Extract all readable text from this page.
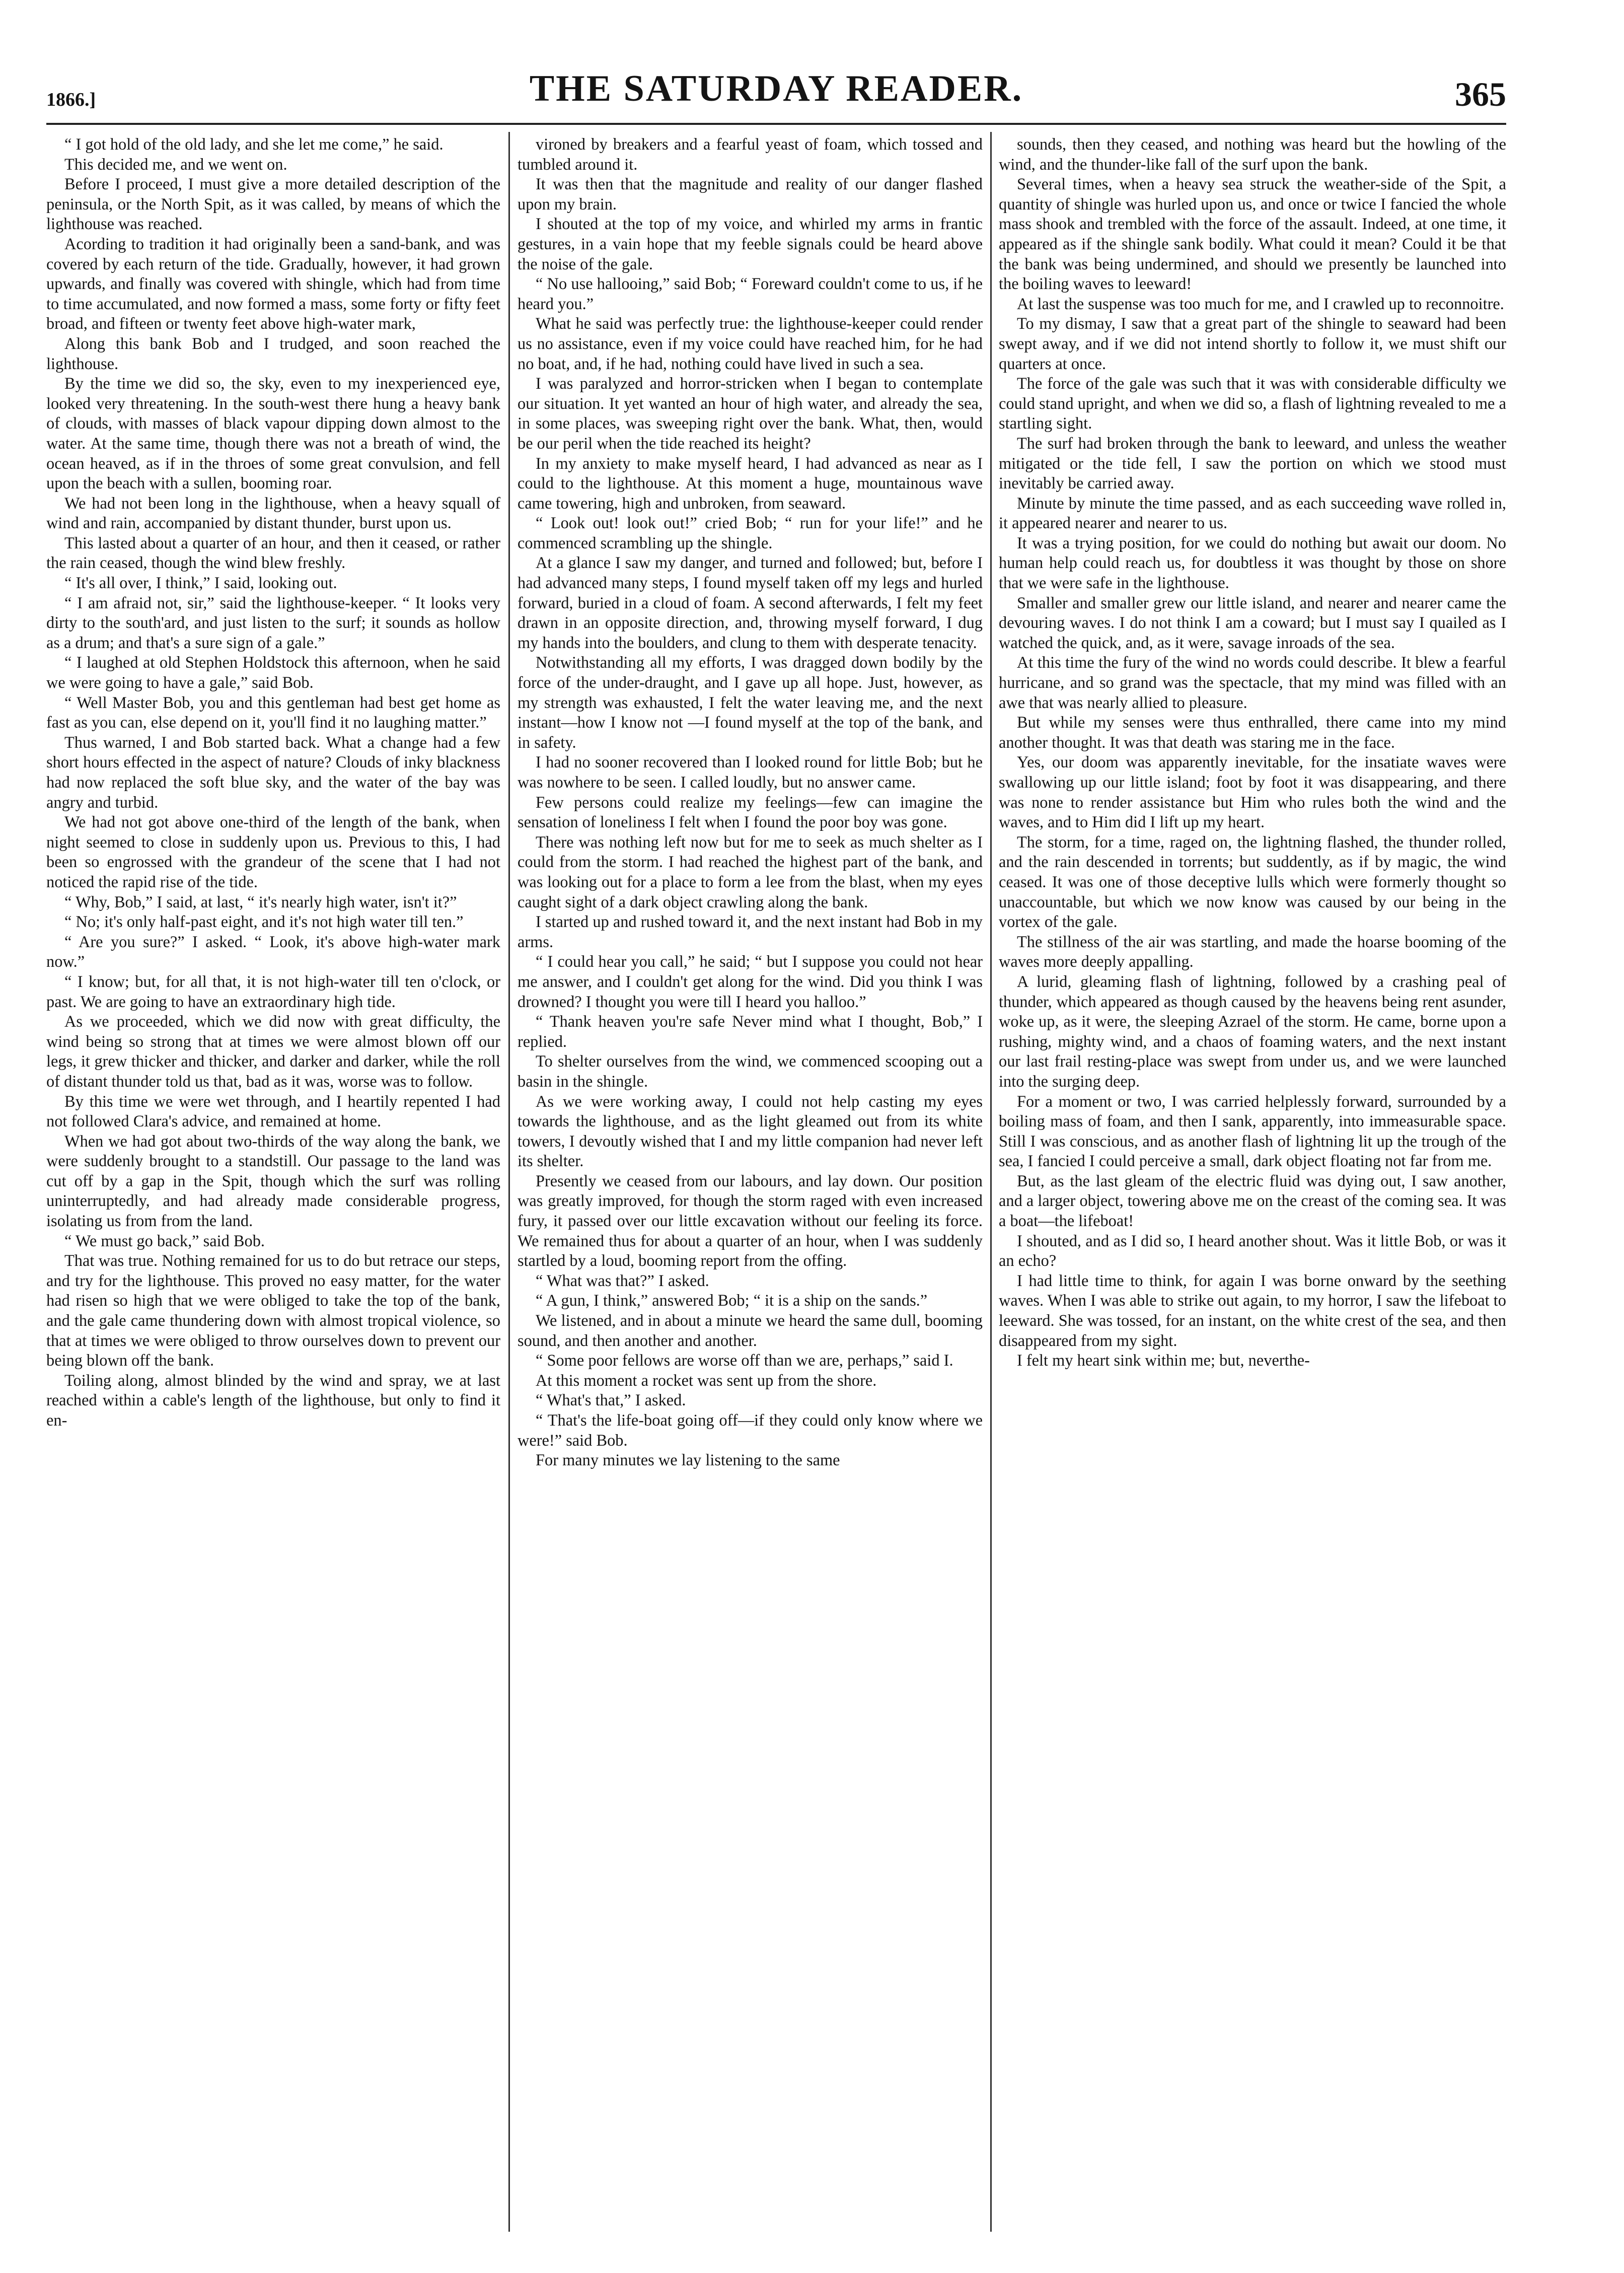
1866.]	THE SATURDAY READER.	365

“ I got hold of the old lady, and she let me come,” he said.

This decided me, and we went on.

Before I proceed, I must give a more detailed description of the peninsula, or the North Spit, as it was called, by means of which the lighthouse was reached.

Acording to tradition it had originally been a sand-bank, and was covered by each return of the tide. Gradually, however, it had grown upwards, and finally was covered with shingle, which had from time to time accumulated, and now formed a mass, some forty or fifty feet broad, and fifteen or twenty feet above high-water mark,

Along this bank Bob and I trudged, and soon reached the lighthouse.

By the time we did so, the sky, even to my inexperienced eye, looked very threatening. In the south-west there hung a heavy bank of clouds, with masses of black vapour dipping down almost to the water. At the same time, though there was not a breath of wind, the ocean heaved, as if in the throes of some great convulsion, and fell upon the beach with a sullen, booming roar.

We had not been long in the lighthouse, when a heavy squall of wind and rain, accompanied by distant thunder, burst upon us.

This lasted about a quarter of an hour, and then it ceased, or rather the rain ceased, though the wind blew freshly.

“ It's all over, I think,” I said, looking out.

“ I am afraid not, sir,” said the lighthouse-keeper. “ It looks very dirty to the south'ard, and just listen to the surf; it sounds as hollow as a drum; and that's a sure sign of a gale.”

“ I laughed at old Stephen Holdstock this afternoon, when he said we were going to have a gale,” said Bob.

“ Well Master Bob, you and this gentleman had best get home as fast as you can, else depend on it, you'll find it no laughing matter.”

Thus warned, I and Bob started back. What a change had a few short hours effected in the aspect of nature? Clouds of inky blackness had now replaced the soft blue sky, and the water of the bay was angry and turbid.

We had not got above one-third of the length of the bank, when night seemed to close in suddenly upon us. Previous to this, I had been so engrossed with the grandeur of the scene that I had not noticed the rapid rise of the tide.

“ Why, Bob,” I said, at last, “ it's nearly high water, isn't it?”

“ No; it's only half-past eight, and it's not high water till ten.”

“ Are you sure?” I asked. “ Look, it's above high-water mark now.”

“ I know; but, for all that, it is not high-water till ten o'clock, or past. We are going to have an extraordinary high tide.

As we proceeded, which we did now with great difficulty, the wind being so strong that at times we were almost blown off our legs, it grew thicker and thicker, and darker and darker, while the roll of distant thunder told us that, bad as it was, worse was to follow.

By this time we were wet through, and I heartily repented I had not followed Clara's advice, and remained at home.

When we had got about two-thirds of the way along the bank, we were suddenly brought to a standstill. Our passage to the land was cut off by a gap in the Spit, though which the surf was rolling uninterruptedly, and had already made considerable progress, isolating us from from the land.

“ We must go back,” said Bob.

That was true. Nothing remained for us to do but retrace our steps, and try for the lighthouse. This proved no easy matter, for the water had risen so high that we were obliged to take the top of the bank, and the gale came thundering down with almost tropical violence, so that at times we were obliged to throw ourselves down to prevent our being blown off the bank.

Toiling along, almost blinded by the wind and spray, we at last reached within a cable's length of the lighthouse, but only to find it en-

vironed by breakers and a fearful yeast of foam, which tossed and tumbled around it.

It was then that the magnitude and reality of our danger flashed upon my brain.

I shouted at the top of my voice, and whirled my arms in frantic gestures, in a vain hope that my feeble signals could be heard above the noise of the gale.

“ No use hallooing,” said Bob; “ Foreward couldn't come to us, if he heard you.”

What he said was perfectly true: the lighthouse-keeper could render us no assistance, even if my voice could have reached him, for he had no boat, and, if he had, nothing could have lived in such a sea.

I was paralyzed and horror-stricken when I began to contemplate our situation. It yet wanted an hour of high water, and already the sea, in some places, was sweeping right over the bank. What, then, would be our peril when the tide reached its height?

In my anxiety to make myself heard, I had advanced as near as I could to the lighthouse. At this moment a huge, mountainous wave came towering, high and unbroken, from seaward.

“ Look out! look out!” cried Bob; “ run for your life!” and he commenced scrambling up the shingle.

At a glance I saw my danger, and turned and followed; but, before I had advanced many steps, I found myself taken off my legs and hurled forward, buried in a cloud of foam. A second afterwards, I felt my feet drawn in an opposite direction, and, throwing myself forward, I dug my hands into the boulders, and clung to them with desperate tenacity.

Notwithstanding all my efforts, I was dragged down bodily by the force of the under-draught, and I gave up all hope. Just, however, as my strength was exhausted, I felt the water leaving me, and the next instant—how I know not —I found myself at the top of the bank, and in safety.

I had no sooner recovered than I looked round for little Bob; but he was nowhere to be seen. I called loudly, but no answer came.

Few persons could realize my feelings—few can imagine the sensation of loneliness I felt when I found the poor boy was gone.

There was nothing left now but for me to seek as much shelter as I could from the storm. I had reached the highest part of the bank, and was looking out for a place to form a lee from the blast, when my eyes caught sight of a dark object crawling along the bank.

I started up and rushed toward it, and the next instant had Bob in my arms.

“ I could hear you call,” he said; “ but I suppose you could not hear me answer, and I couldn't get along for the wind. Did you think I was drowned? I thought you were till I heard you halloo.”

“ Thank heaven you're safe Never mind what I thought, Bob,” I replied.

To shelter ourselves from the wind, we commenced scooping out a basin in the shingle.

As we were working away, I could not help casting my eyes towards the lighthouse, and as the light gleamed out from its white towers, I devoutly wished that I and my little companion had never left its shelter.

Presently we ceased from our labours, and lay down. Our position was greatly improved, for though the storm raged with even increased fury, it passed over our little excavation without our feeling its force. We remained thus for about a quarter of an hour, when I was suddenly startled by a loud, booming report from the offing.

“ What was that?” I asked.

“ A gun, I think,” answered Bob; “ it is a ship on the sands.”

We listened, and in about a minute we heard the same dull, booming sound, and then another and another.

“ Some poor fellows are worse off than we are, perhaps,” said I.

At this moment a rocket was sent up from the shore.

“ What's that,” I asked.

“ That's the life-boat going off—if they could only know where we were!” said Bob.

For many minutes we lay listening to the same

sounds, then they ceased, and nothing was heard but the howling of the wind, and the thunder-like fall of the surf upon the bank.

Several times, when a heavy sea struck the weather-side of the Spit, a quantity of shingle was hurled upon us, and once or twice I fancied the whole mass shook and trembled with the force of the assault. Indeed, at one time, it appeared as if the shingle sank bodily. What could it mean? Could it be that the bank was being undermined, and should we presently be launched into the boiling waves to leeward!

At last the suspense was too much for me, and I crawled up to reconnoitre.

To my dismay, I saw that a great part of the shingle to seaward had been swept away, and if we did not intend shortly to follow it, we must shift our quarters at once.

The force of the gale was such that it was with considerable difficulty we could stand upright, and when we did so, a flash of lightning revealed to me a startling sight.

The surf had broken through the bank to leeward, and unless the weather mitigated or the tide fell, I saw the portion on which we stood must inevitably be carried away.

Minute by minute the time passed, and as each succeeding wave rolled in, it appeared nearer and nearer to us.

It was a trying position, for we could do nothing but await our doom. No human help could reach us, for doubtless it was thought by those on shore that we were safe in the lighthouse.

Smaller and smaller grew our little island, and nearer and nearer came the devouring waves. I do not think I am a coward; but I must say I quailed as I watched the quick, and, as it were, savage inroads of the sea.

At this time the fury of the wind no words could describe. It blew a fearful hurricane, and so grand was the spectacle, that my mind was filled with an awe that was nearly allied to pleasure.

But while my senses were thus enthralled, there came into my mind another thought. It was that death was staring me in the face.

Yes, our doom was apparently inevitable, for the insatiate waves were swallowing up our little island; foot by foot it was disappearing, and there was none to render assistance but Him who rules both the wind and the waves, and to Him did I lift up my heart.

The storm, for a time, raged on, the lightning flashed, the thunder rolled, and the rain descended in torrents; but suddently, as if by magic, the wind ceased. It was one of those deceptive lulls which were formerly thought so unaccountable, but which we now know was caused by our being in the vortex of the gale.

The stillness of the air was startling, and made the hoarse booming of the waves more deeply appalling.

A lurid, gleaming flash of lightning, followed by a crashing peal of thunder, which appeared as though caused by the heavens being rent asunder, woke up, as it were, the sleeping Azrael of the storm. He came, borne upon a rushing, mighty wind, and a chaos of foaming waters, and the next instant our last frail resting-place was swept from under us, and we were launched into the surging deep.

For a moment or two, I was carried helplessly forward, surrounded by a boiling mass of foam, and then I sank, apparently, into immeasurable space. Still I was conscious, and as another flash of lightning lit up the trough of the sea, I fancied I could perceive a small, dark object floating not far from me.

But, as the last gleam of the electric fluid was dying out, I saw another, and a larger object, towering above me on the creast of the coming sea. It was a boat—the lifeboat!

I shouted, and as I did so, I heard another shout. Was it little Bob, or was it an echo?

I had little time to think, for again I was borne onward by the seething waves. When I was able to strike out again, to my horror, I saw the lifeboat to leeward. She was tossed, for an instant, on the white crest of the sea, and then disappeared from my sight.

I felt my heart sink within me; but, neverthe-
